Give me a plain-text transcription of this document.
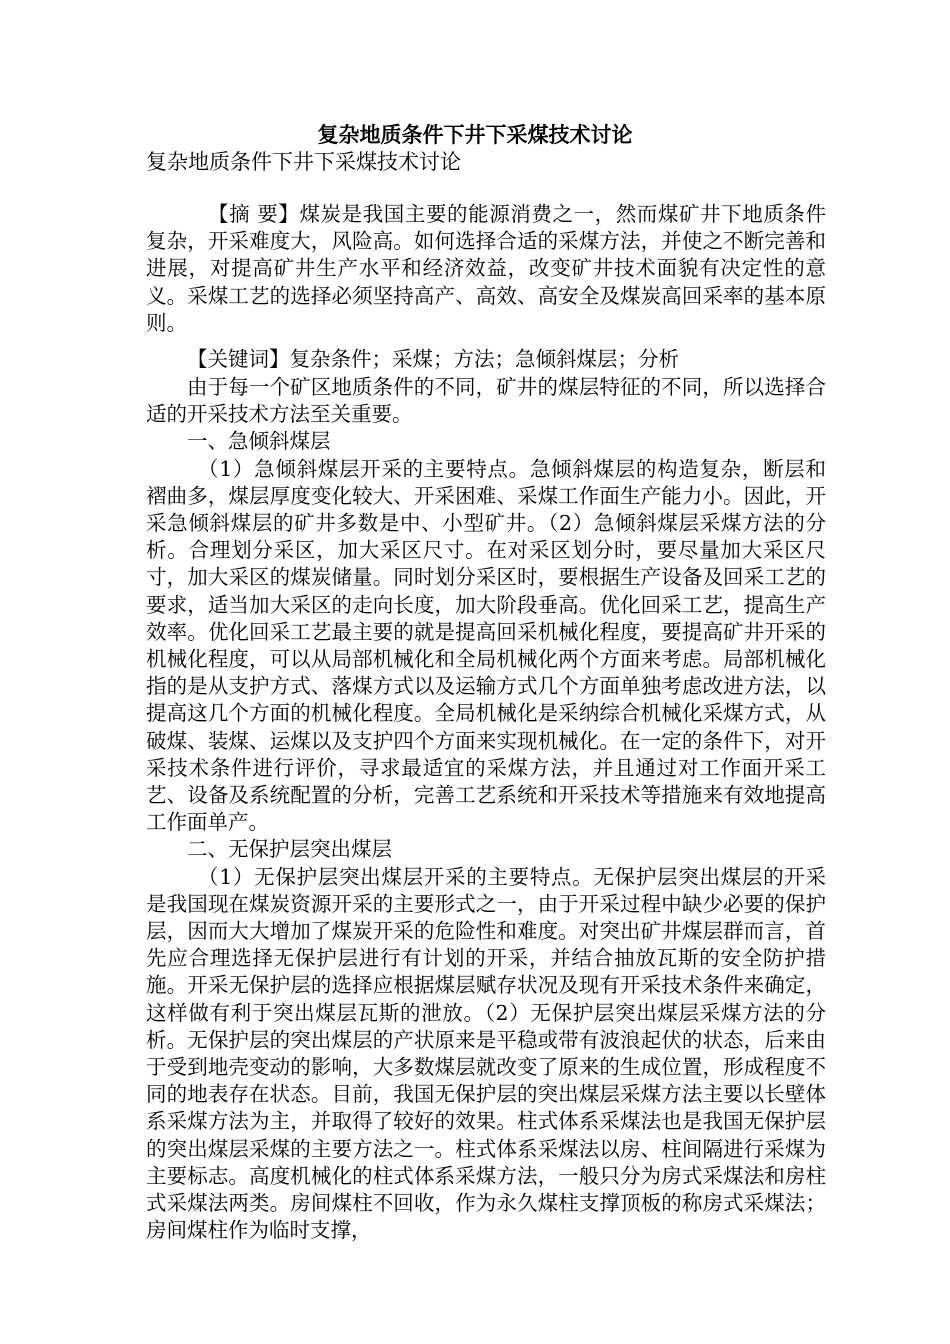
复杂地质条件下井下采煤技术讨论
复杂地质条件下井下采煤技术讨论
【摘 要】煤炭是我国主要的能源消费之一，然而煤矿井下地质条件复杂，开采难度大，风险高。如何选择合适的采煤方法，并使之不断完善和进展，对提高矿井生产水平和经济效益，改变矿井技术面貌有决定性的意义。采煤工艺的选择必须坚持高产、高效、高安全及煤炭高回采率的基本原则。
【关键词】复杂条件；采煤；方法；急倾斜煤层；分析

由于每一个矿区地质条件的不同，矿井的煤层特征的不同，所以选择合适的开采技术方法至关重要。

一、急倾斜煤层

（1）急倾斜煤层开采的主要特点。急倾斜煤层的构造复杂，断层和褶曲多，煤层厚度变化较大、开采困难、采煤工作面生产能力小。因此，开采急倾斜煤层的矿井多数是中、小型矿井。（2）急倾斜煤层采煤方法的分析。合理划分采区，加大采区尺寸。在对采区划分时，要尽量加大采区尺寸，加大采区的煤炭储量。同时划分采区时，要根据生产设备及回采工艺的要求，适当加大采区的走向长度，加大阶段垂高。优化回采工艺，提高生产效率。优化回采工艺最主要的就是提高回采机械化程度，要提高矿井开采的机械化程度，可以从局部机械化和全局机械化两个方面来考虑。局部机械化指的是从支护方式、落煤方式以及运输方式几个方面单独考虑改进方法，以提高这几个方面的机械化程度。全局机械化是采纳综合机械化采煤方式，从破煤、装煤、运煤以及支护四个方面来实现机械化。在一定的条件下，对开采技术条件进行评价，寻求最适宜的采煤方法，并且通过对工作面开采工艺、设备及系统配置的分析，完善工艺系统和开采技术等措施来有效地提高工作面单产。

二、无保护层突出煤层

（1）无保护层突出煤层开采的主要特点。无保护层突出煤层的开采是我国现在煤炭资源开采的主要形式之一，由于开采过程中缺少必要的保护层，因而大大增加了煤炭开采的危险性和难度。对突出矿井煤层群而言，首先应合理选择无保护层进行有计划的开采，并结合抽放瓦斯的安全防护措施。开采无保护层的选择应根据煤层赋存状况及现有开采技术条件来确定，这样做有利于突出煤层瓦斯的泄放。（2）无保护层突出煤层采煤方法的分析。无保护层的突出煤层的产状原来是平稳或带有波浪起伏的状态，后来由于受到地壳变动的影响，大多数煤层就改变了原来的生成位置，形成程度不同的地表存在状态。目前，我国无保护层的突出煤层采煤方法主要以长壁体系采煤方法为主，并取得了较好的效果。柱式体系采煤法也是我国无保护层的突出煤层采煤的主要方法之一。柱式体系采煤法以房、柱间隔进行采煤为主要标志。高度机械化的柱式体系采煤方法，一般只分为房式采煤法和房柱式采煤法两类。房间煤柱不回收，作为永久煤柱支撑顶板的称房式采煤法；房间煤柱作为临时支撑，
